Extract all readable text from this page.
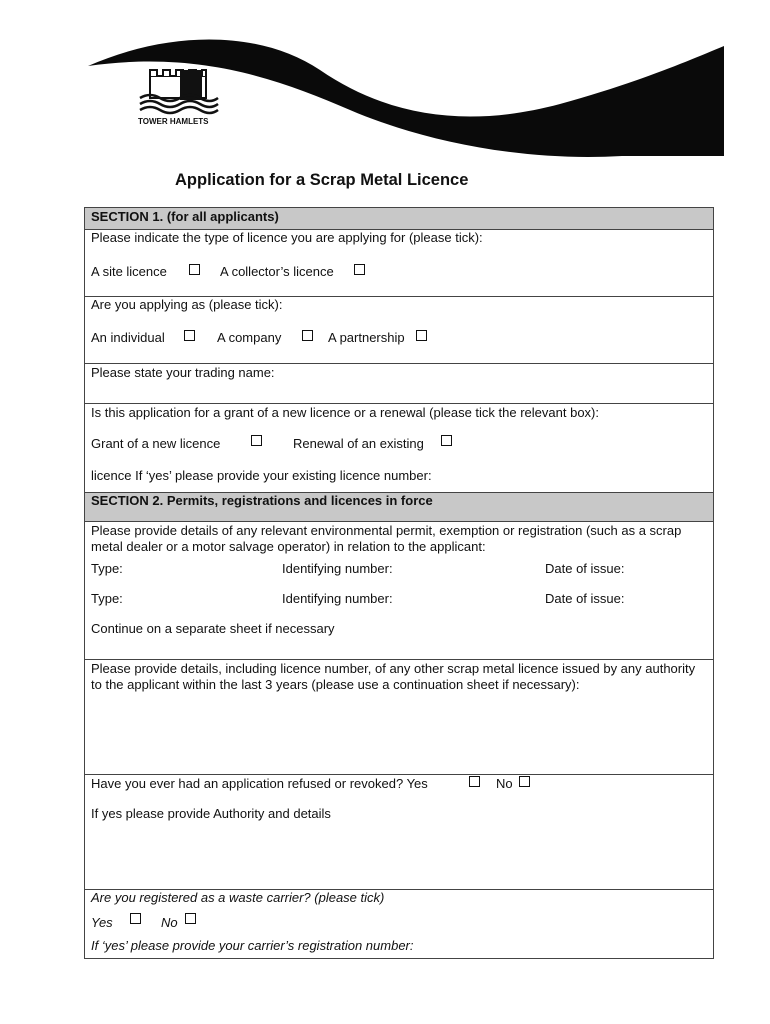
TOWER HAMLETS
Application for a Scrap Metal Licence
SECTION 1. (for all applicants)
Please indicate the type of licence you are applying for (please tick):
A site licence	A collector’s licence
Are you applying as (please tick):
An individual	A company	A partnership
Please state your trading name:
Is this application for a grant of a new licence or a renewal (please tick the relevant box):
Grant of a new licence	Renewal of an existing
licence If ‘yes’ please provide your existing licence number:
SECTION 2. Permits, registrations and licences in force
Please provide details of any relevant environmental permit, exemption or registration (such as a scrap metal dealer or a motor salvage operator) in relation to the applicant:
Type:	Identifying number:	Date of issue:
Type:	Identifying number:	Date of issue:
Continue on a separate sheet if necessary
Please provide details, including licence number, of any other scrap metal licence issued by any authority to the applicant within the last 3 years (please use a continuation sheet if necessary):
Have you ever had an application refused or revoked? Yes	No
If yes please provide Authority and details
Are you registered as a waste carrier? (please tick)
Yes	No
If ‘yes’ please provide your carrier’s registration number:
